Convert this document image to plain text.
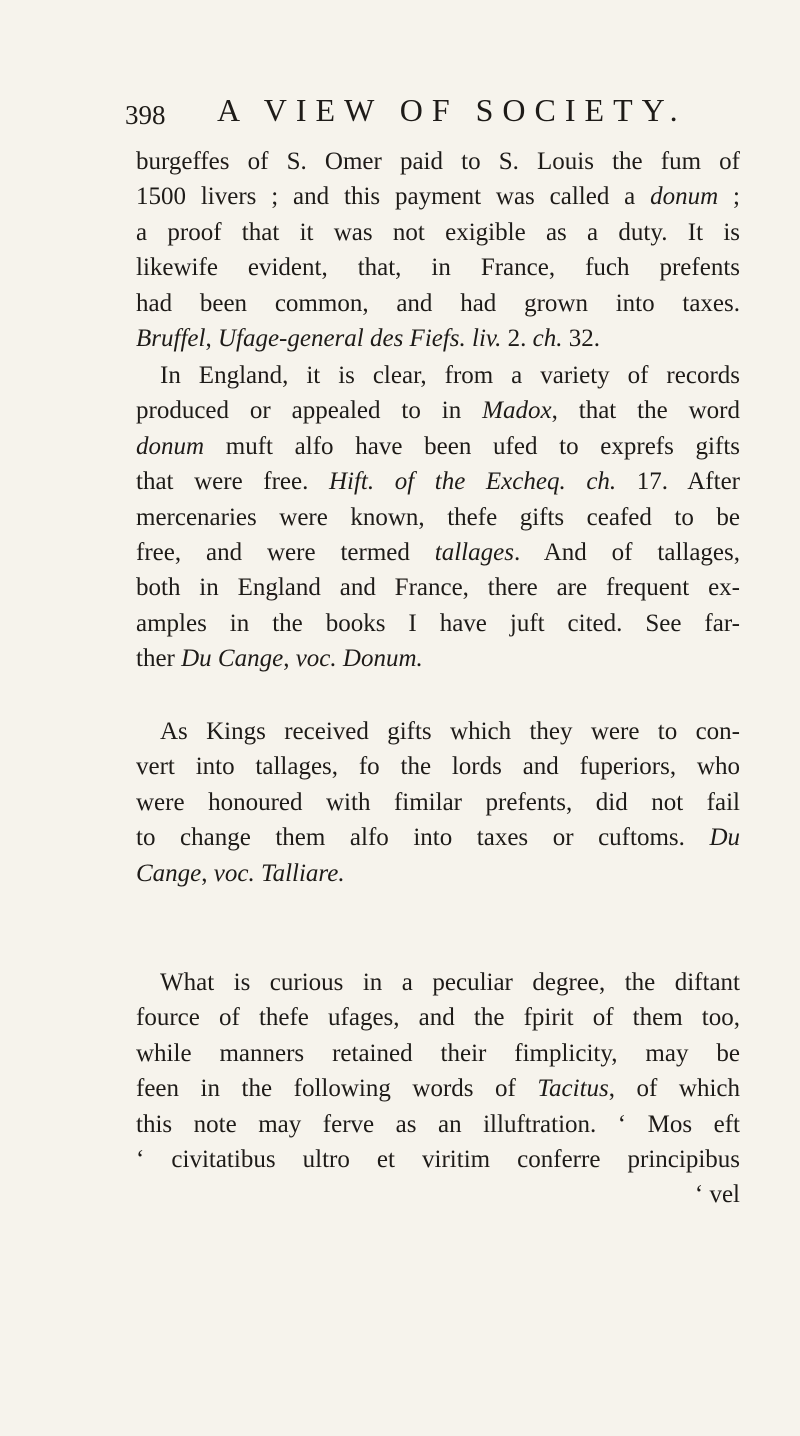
398 A VIEW OF SOCIETY.
burgeffes of S. Omer paid to S. Louis the fum of
1500 livers ; and this payment was called a donum ;
a proof that it was not exigible as a duty. It is
likewife evident, that, in France, fuch prefents
had been common, and had grown into taxes.
Bruffel, Ufage-general des Fiefs. liv. 2. ch. 32.
In England, it is clear, from a variety of records
produced or appealed to in Madox, that the word
donum muft alfo have been ufed to exprefs gifts
that were free. Hift. of the Excheq. ch. 17. After
mercenaries were known, thefe gifts ceafed to be
free, and were termed tallages. And of tallages,
both in England and France, there are frequent ex-
amples in the books I have juft cited. See far-
ther Du Cange, voc. Donum.
As Kings received gifts which they were to con-
vert into tallages, fo the lords and fuperiors, who
were honoured with fimilar prefents, did not fail
to change them alfo into taxes or cuftoms. Du
Cange, voc. Talliare.
What is curious in a peculiar degree, the diftant
fource of thefe ufages, and the fpirit of them too,
while manners retained their fimplicity, may be
feen in the following words of Tacitus, of which
this note may ferve as an illuftration. ‘ Mos eft
‘ civitatibus ultro et viritim conferre principibus
‘ vel
